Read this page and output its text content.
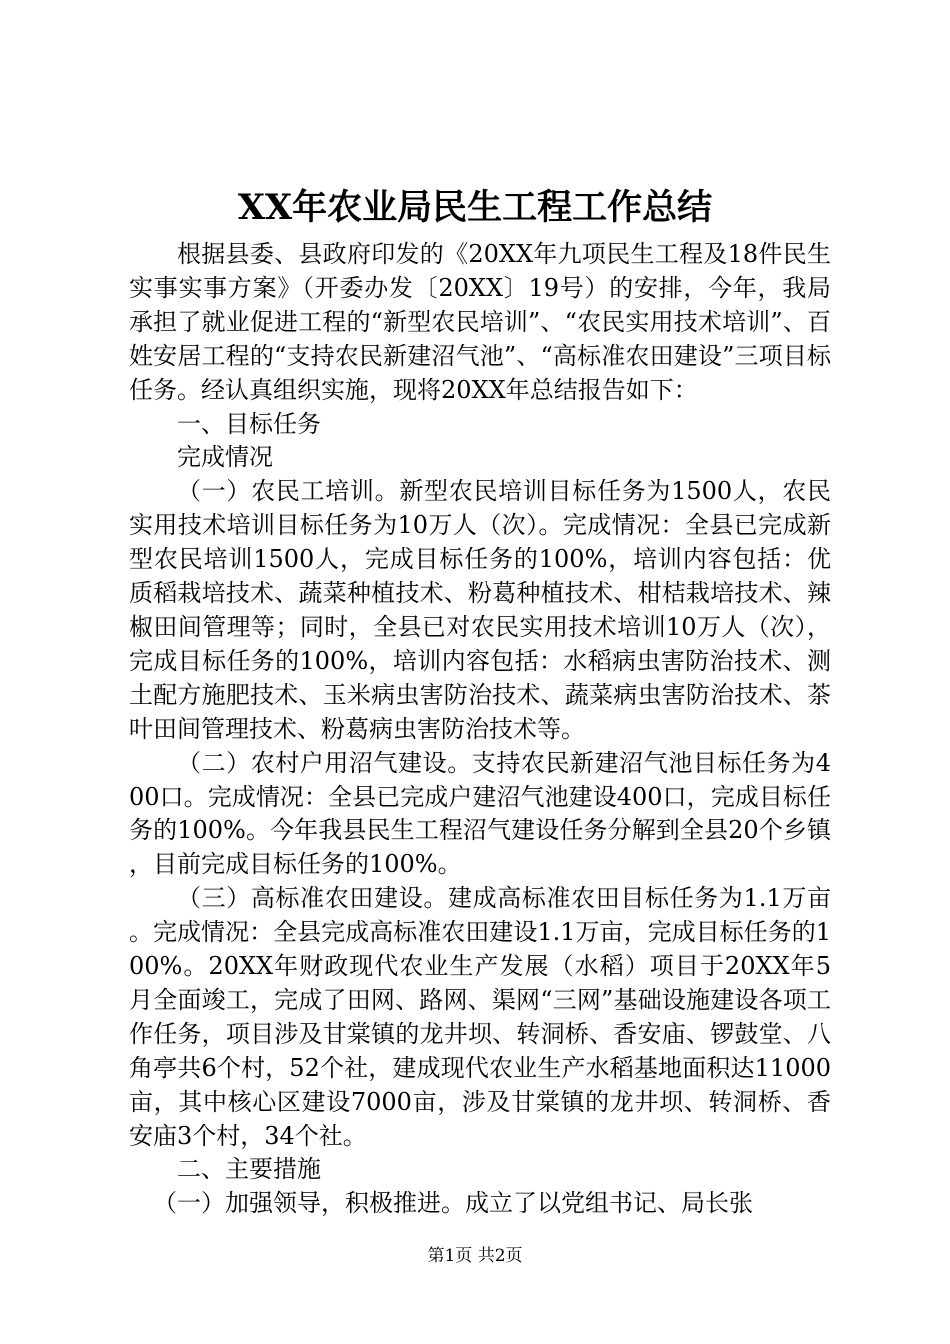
XX年农业局民生工程工作总结

根据县委、县政府印发的《20XX年九项民生工程及18件民生实事实事方案》（开委办发〔20XX〕19号）的安排，今年，我局承担了就业促进工程的“新型农民培训”、“农民实用技术培训”、百姓安居工程的“支持农民新建沼气池”、“高标准农田建设”三项目标任务。经认真组织实施，现将20XX年总结报告如下：

一、目标任务

完成情况

（一）农民工培训。新型农民培训目标任务为1500人，农民实用技术培训目标任务为10万人（次）。完成情况：全县已完成新型农民培训1500人，完成目标任务的100%，培训内容包括：优质稻栽培技术、蔬菜种植技术、粉葛种植技术、柑桔栽培技术、辣椒田间管理等；同时，全县已对农民实用技术培训10万人（次），完成目标任务的100%，培训内容包括：水稻病虫害防治技术、测土配方施肥技术、玉米病虫害防治技术、蔬菜病虫害防治技术、茶叶田间管理技术、粉葛病虫害防治技术等。

（二）农村户用沼气建设。支持农民新建沼气池目标任务为400口。完成情况：全县已完成户建沼气池建设400口，完成目标任务的100%。今年我县民生工程沼气建设任务分解到全县20个乡镇，目前完成目标任务的100%。

（三）高标准农田建设。建成高标准农田目标任务为1.1万亩。完成情况：全县完成高标准农田建设1.1万亩，完成目标任务的100%。20XX年财政现代农业生产发展（水稻）项目于20XX年5月全面竣工，完成了田网、路网、渠网“三网”基础设施建设各项工作任务，项目涉及甘棠镇的龙井坝、转洞桥、香安庙、锣鼓堂、八角亭共6个村，52个社，建成现代农业生产水稻基地面积达11000亩，其中核心区建设7000亩，涉及甘棠镇的龙井坝、转洞桥、香安庙3个村，34个社。

二、主要措施

（一）加强领导，积极推进。成立了以党组书记、局长张

第1页 共2页
